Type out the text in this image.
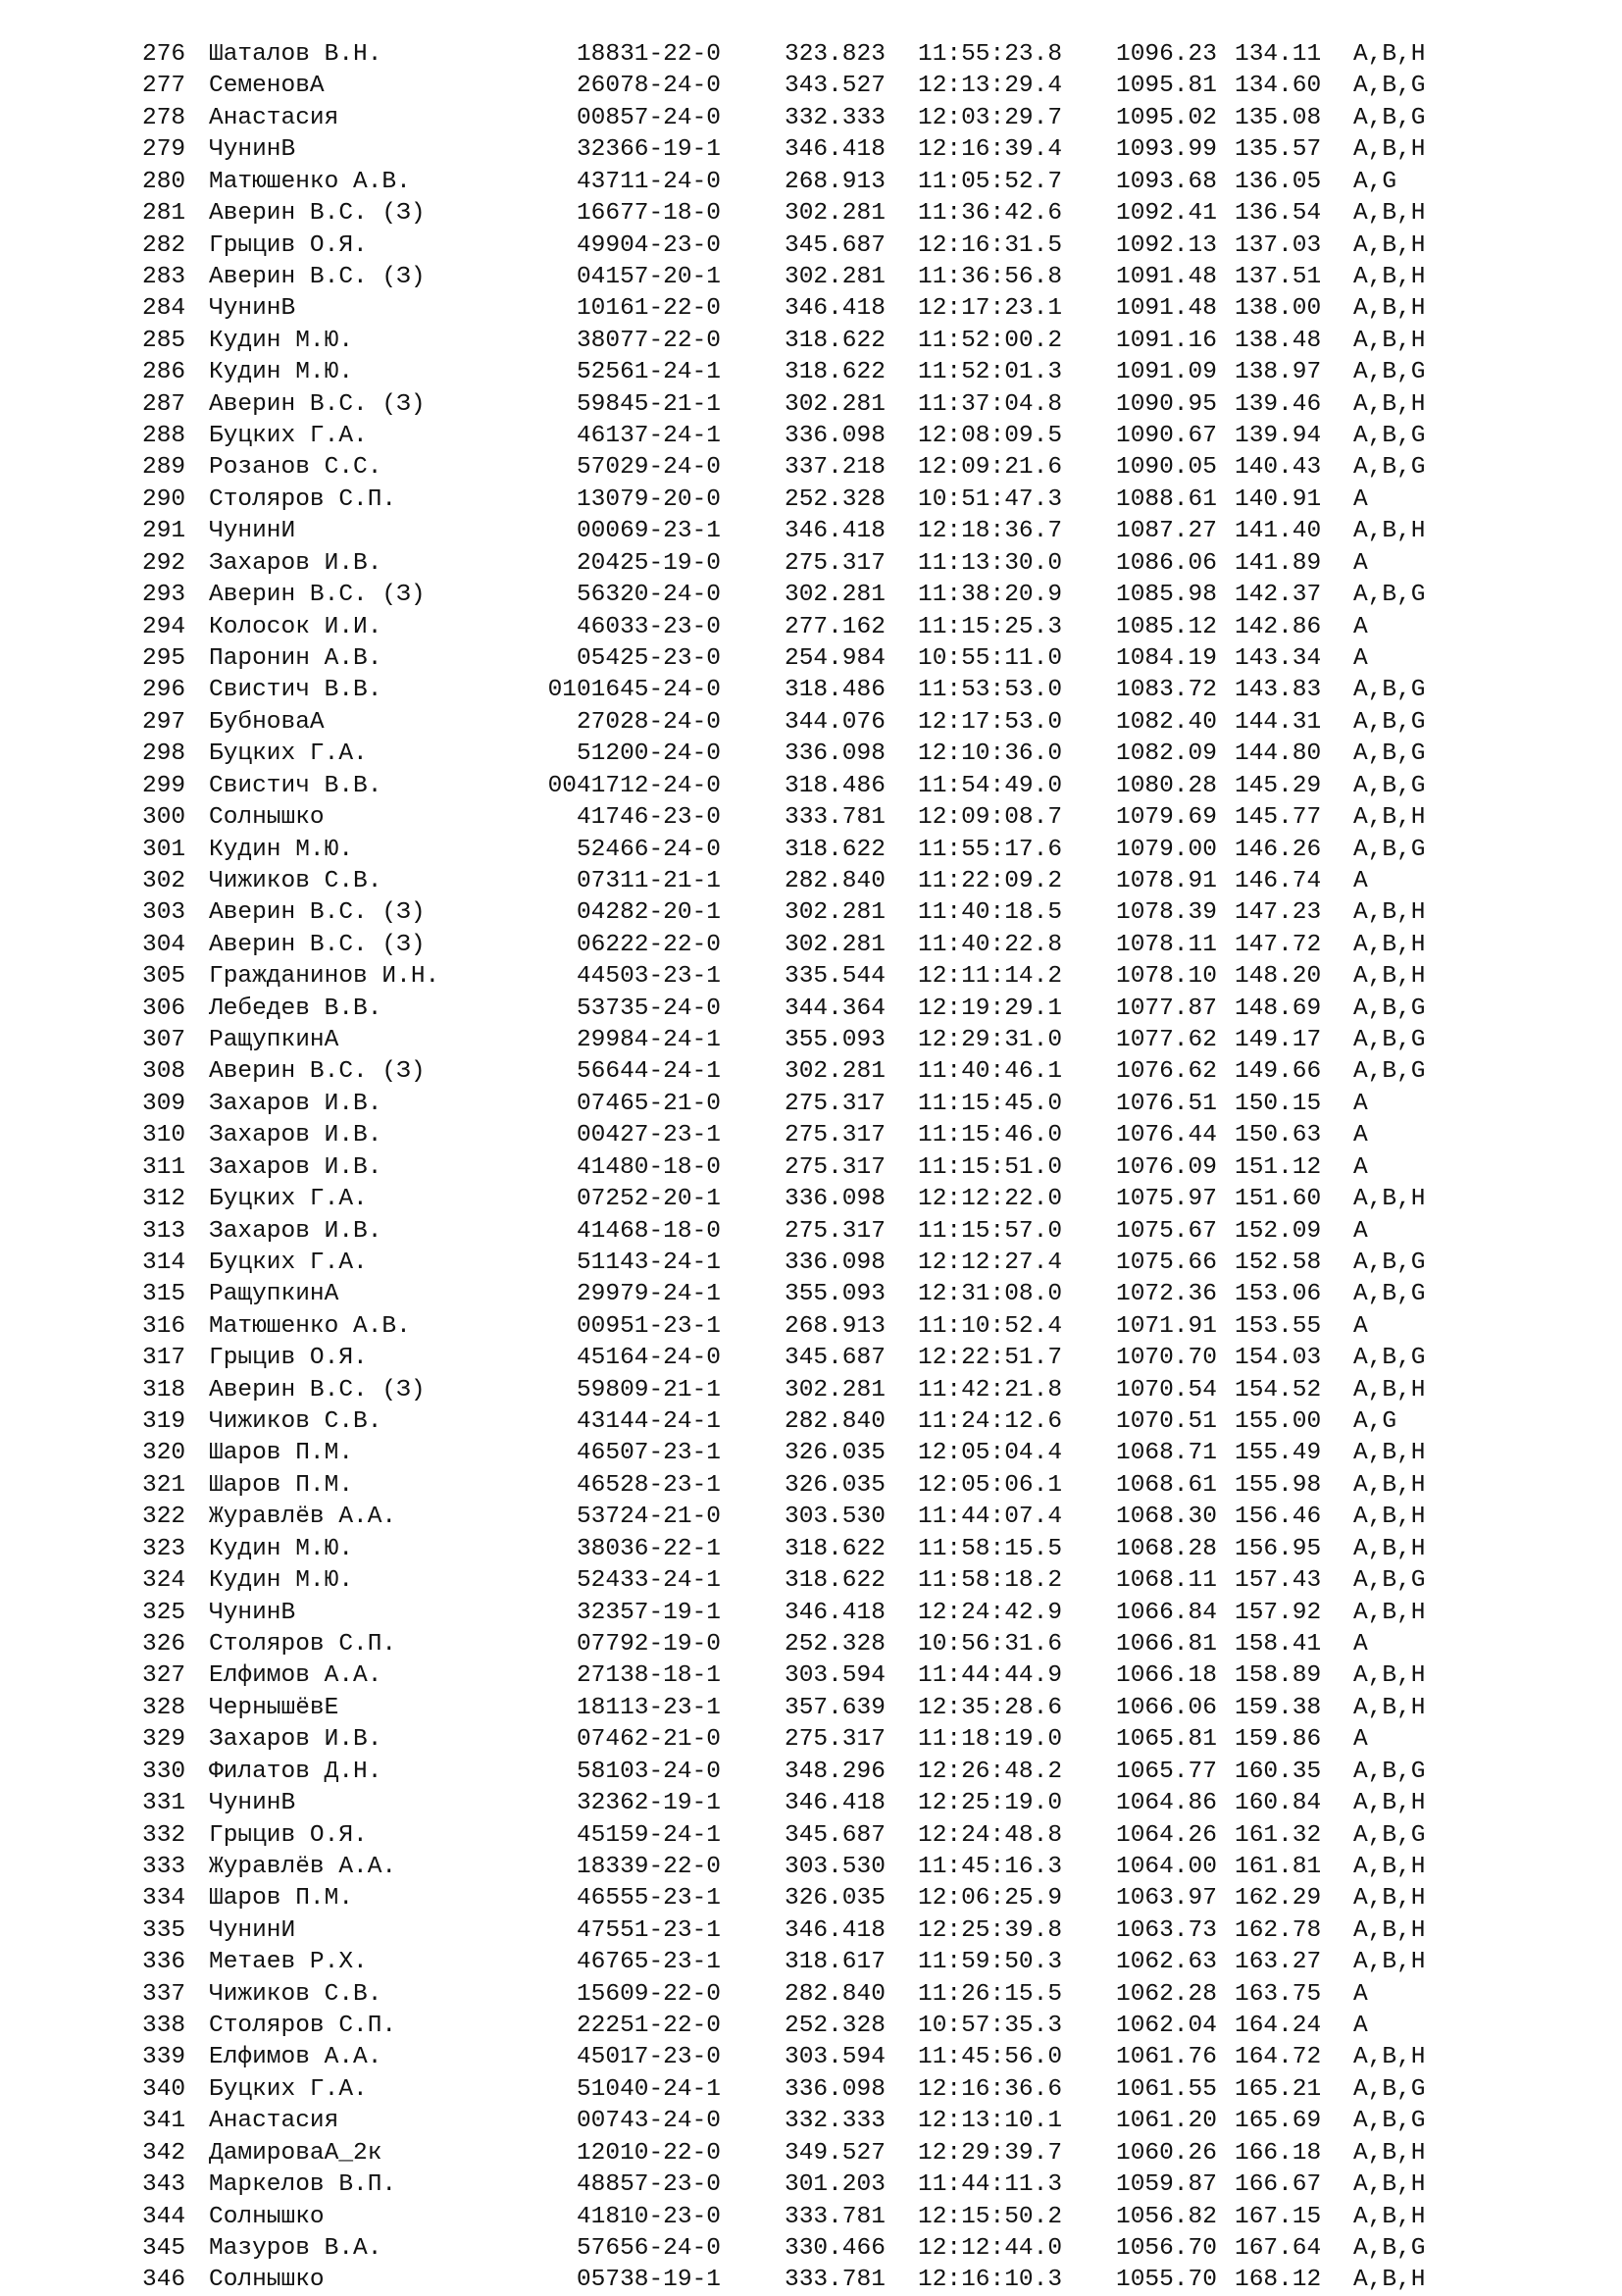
276 Шаталов В.Н.	18831-22-0	323.823 11:55:23.8 1096.23 134.11 A,B,H
277 СеменовА	26078-24-0	343.527 12:13:29.4 1095.81 134.60 A,B,G
278 Анастасия	00857-24-0	332.333 12:03:29.7 1095.02 135.08 A,B,G
279 ЧунинВ	32366-19-1	346.418 12:16:39.4 1093.99 135.57 A,B,H
280 Матюшенко А.В.	43711-24-0	268.913 11:05:52.7 1093.68 136.05 A,G
281 Аверин В.С. (З)	16677-18-0	302.281 11:36:42.6 1092.41 136.54 A,B,H
282 Грыцив О.Я.	49904-23-0	345.687 12:16:31.5 1092.13 137.03 A,B,H
283 Аверин В.С. (З)	04157-20-1	302.281 11:36:56.8 1091.48 137.51 A,B,H
284 ЧунинВ	10161-22-0	346.418 12:17:23.1 1091.48 138.00 A,B,H
285 Кудин М.Ю.	38077-22-0	318.622 11:52:00.2 1091.16 138.48 A,B,H
286 Кудин М.Ю.	52561-24-1	318.622 11:52:01.3 1091.09 138.97 A,B,G
287 Аверин В.С. (З)	59845-21-1	302.281 11:37:04.8 1090.95 139.46 A,B,H
288 Буцких Г.А.	46137-24-1	336.098 12:08:09.5 1090.67 139.94 A,B,G
289 Розанов С.С.	57029-24-0	337.218 12:09:21.6 1090.05 140.43 A,B,G
290 Столяров С.П.	13079-20-0	252.328 10:51:47.3 1088.61 140.91 A
291 ЧунинИ	00069-23-1	346.418 12:18:36.7 1087.27 141.40 A,B,H
292 Захаров И.В.	20425-19-0	275.317 11:13:30.0 1086.06 141.89 A
293 Аверин В.С. (З)	56320-24-0	302.281 11:38:20.9 1085.98 142.37 A,B,G
294 Колосок И.И.	46033-23-0	277.162 11:15:25.3 1085.12 142.86 A
295 Паронин А.В.	05425-23-0	254.984 10:55:11.0 1084.19 143.34 A
296 Свистич В.В.	0101645-24-0	318.486 11:53:53.0 1083.72 143.83 A,B,G
297 БубноваА	27028-24-0	344.076 12:17:53.0 1082.40 144.31 A,B,G
298 Буцких Г.А.	51200-24-0	336.098 12:10:36.0 1082.09 144.80 A,B,G
299 Свистич В.В.	0041712-24-0	318.486 11:54:49.0 1080.28 145.29 A,B,G
300 Солнышко	41746-23-0	333.781 12:09:08.7 1079.69 145.77 A,B,H
301 Кудин М.Ю.	52466-24-0	318.622 11:55:17.6 1079.00 146.26 A,B,G
302 Чижиков С.В.	07311-21-1	282.840 11:22:09.2 1078.91 146.74 A
303 Аверин В.С. (З)	04282-20-1	302.281 11:40:18.5 1078.39 147.23 A,B,H
304 Аверин В.С. (З)	06222-22-0	302.281 11:40:22.8 1078.11 147.72 A,B,H
305 Гражданинов И.Н.	44503-23-1	335.544 12:11:14.2 1078.10 148.20 A,B,H
306 Лебедев В.В.	53735-24-0	344.364 12:19:29.1 1077.87 148.69 A,B,G
307 РащупкинА	29984-24-1	355.093 12:29:31.0 1077.62 149.17 A,B,G
308 Аверин В.С. (З)	56644-24-1	302.281 11:40:46.1 1076.62 149.66 A,B,G
309 Захаров И.В.	07465-21-0	275.317 11:15:45.0 1076.51 150.15 A
310 Захаров И.В.	00427-23-1	275.317 11:15:46.0 1076.44 150.63 A
311 Захаров И.В.	41480-18-0	275.317 11:15:51.0 1076.09 151.12 A
312 Буцких Г.А.	07252-20-1	336.098 12:12:22.0 1075.97 151.60 A,B,H
313 Захаров И.В.	41468-18-0	275.317 11:15:57.0 1075.67 152.09 A
314 Буцких Г.А.	51143-24-1	336.098 12:12:27.4 1075.66 152.58 A,B,G
315 РащупкинА	29979-24-1	355.093 12:31:08.0 1072.36 153.06 A,B,G
316 Матюшенко А.В.	00951-23-1	268.913 11:10:52.4 1071.91 153.55 A
317 Грыцив О.Я.	45164-24-0	345.687 12:22:51.7 1070.70 154.03 A,B,G
318 Аверин В.С. (З)	59809-21-1	302.281 11:42:21.8 1070.54 154.52 A,B,H
319 Чижиков С.В.	43144-24-1	282.840 11:24:12.6 1070.51 155.00 A,G
320 Шаров П.М.	46507-23-1	326.035 12:05:04.4 1068.71 155.49 A,B,H
321 Шаров П.М.	46528-23-1	326.035 12:05:06.1 1068.61 155.98 A,B,H
322 Журавлёв А.А.	53724-21-0	303.530 11:44:07.4 1068.30 156.46 A,B,H
323 Кудин М.Ю.	38036-22-1	318.622 11:58:15.5 1068.28 156.95 A,B,H
324 Кудин М.Ю.	52433-24-1	318.622 11:58:18.2 1068.11 157.43 A,B,G
325 ЧунинВ	32357-19-1	346.418 12:24:42.9 1066.84 157.92 A,B,H
326 Столяров С.П.	07792-19-0	252.328 10:56:31.6 1066.81 158.41 A
327 Елфимов А.А.	27138-18-1	303.594 11:44:44.9 1066.18 158.89 A,B,H
328 ЧернышёвЕ	18113-23-1	357.639 12:35:28.6 1066.06 159.38 A,B,H
329 Захаров И.В.	07462-21-0	275.317 11:18:19.0 1065.81 159.86 A
330 Филатов Д.Н.	58103-24-0	348.296 12:26:48.2 1065.77 160.35 A,B,G
331 ЧунинВ	32362-19-1	346.418 12:25:19.0 1064.86 160.84 A,B,H
332 Грыцив О.Я.	45159-24-1	345.687 12:24:48.8 1064.26 161.32 A,B,G
333 Журавлёв А.А.	18339-22-0	303.530 11:45:16.3 1064.00 161.81 A,B,H
334 Шаров П.М.	46555-23-1	326.035 12:06:25.9 1063.97 162.29 A,B,H
335 ЧунинИ	47551-23-1	346.418 12:25:39.8 1063.73 162.78 A,B,H
336 Метаев Р.Х.	46765-23-1	318.617 11:59:50.3 1062.63 163.27 A,B,H
337 Чижиков С.В.	15609-22-0	282.840 11:26:15.5 1062.28 163.75 A
338 Столяров С.П.	22251-22-0	252.328 10:57:35.3 1062.04 164.24 A
339 Елфимов А.А.	45017-23-0	303.594 11:45:56.0 1061.76 164.72 A,B,H
340 Буцких Г.А.	51040-24-1	336.098 12:16:36.6 1061.55 165.21 A,B,G
341 Анастасия	00743-24-0	332.333 12:13:10.1 1061.20 165.69 A,B,G
342 ДамироваА_2к	12010-22-0	349.527 12:29:39.7 1060.26 166.18 A,B,H
343 Маркелов В.П.	48857-23-0	301.203 11:44:11.3 1059.87 166.67 A,B,H
344 Солнышко	41810-23-0	333.781 12:15:50.2 1056.82 167.15 A,B,H
345 Мазуров В.А.	57656-24-0	330.466 12:12:44.0 1056.70 167.64 A,B,G
346 Солнышко	05738-19-1	333.781 12:16:10.3 1055.70 168.12 A,B,H
